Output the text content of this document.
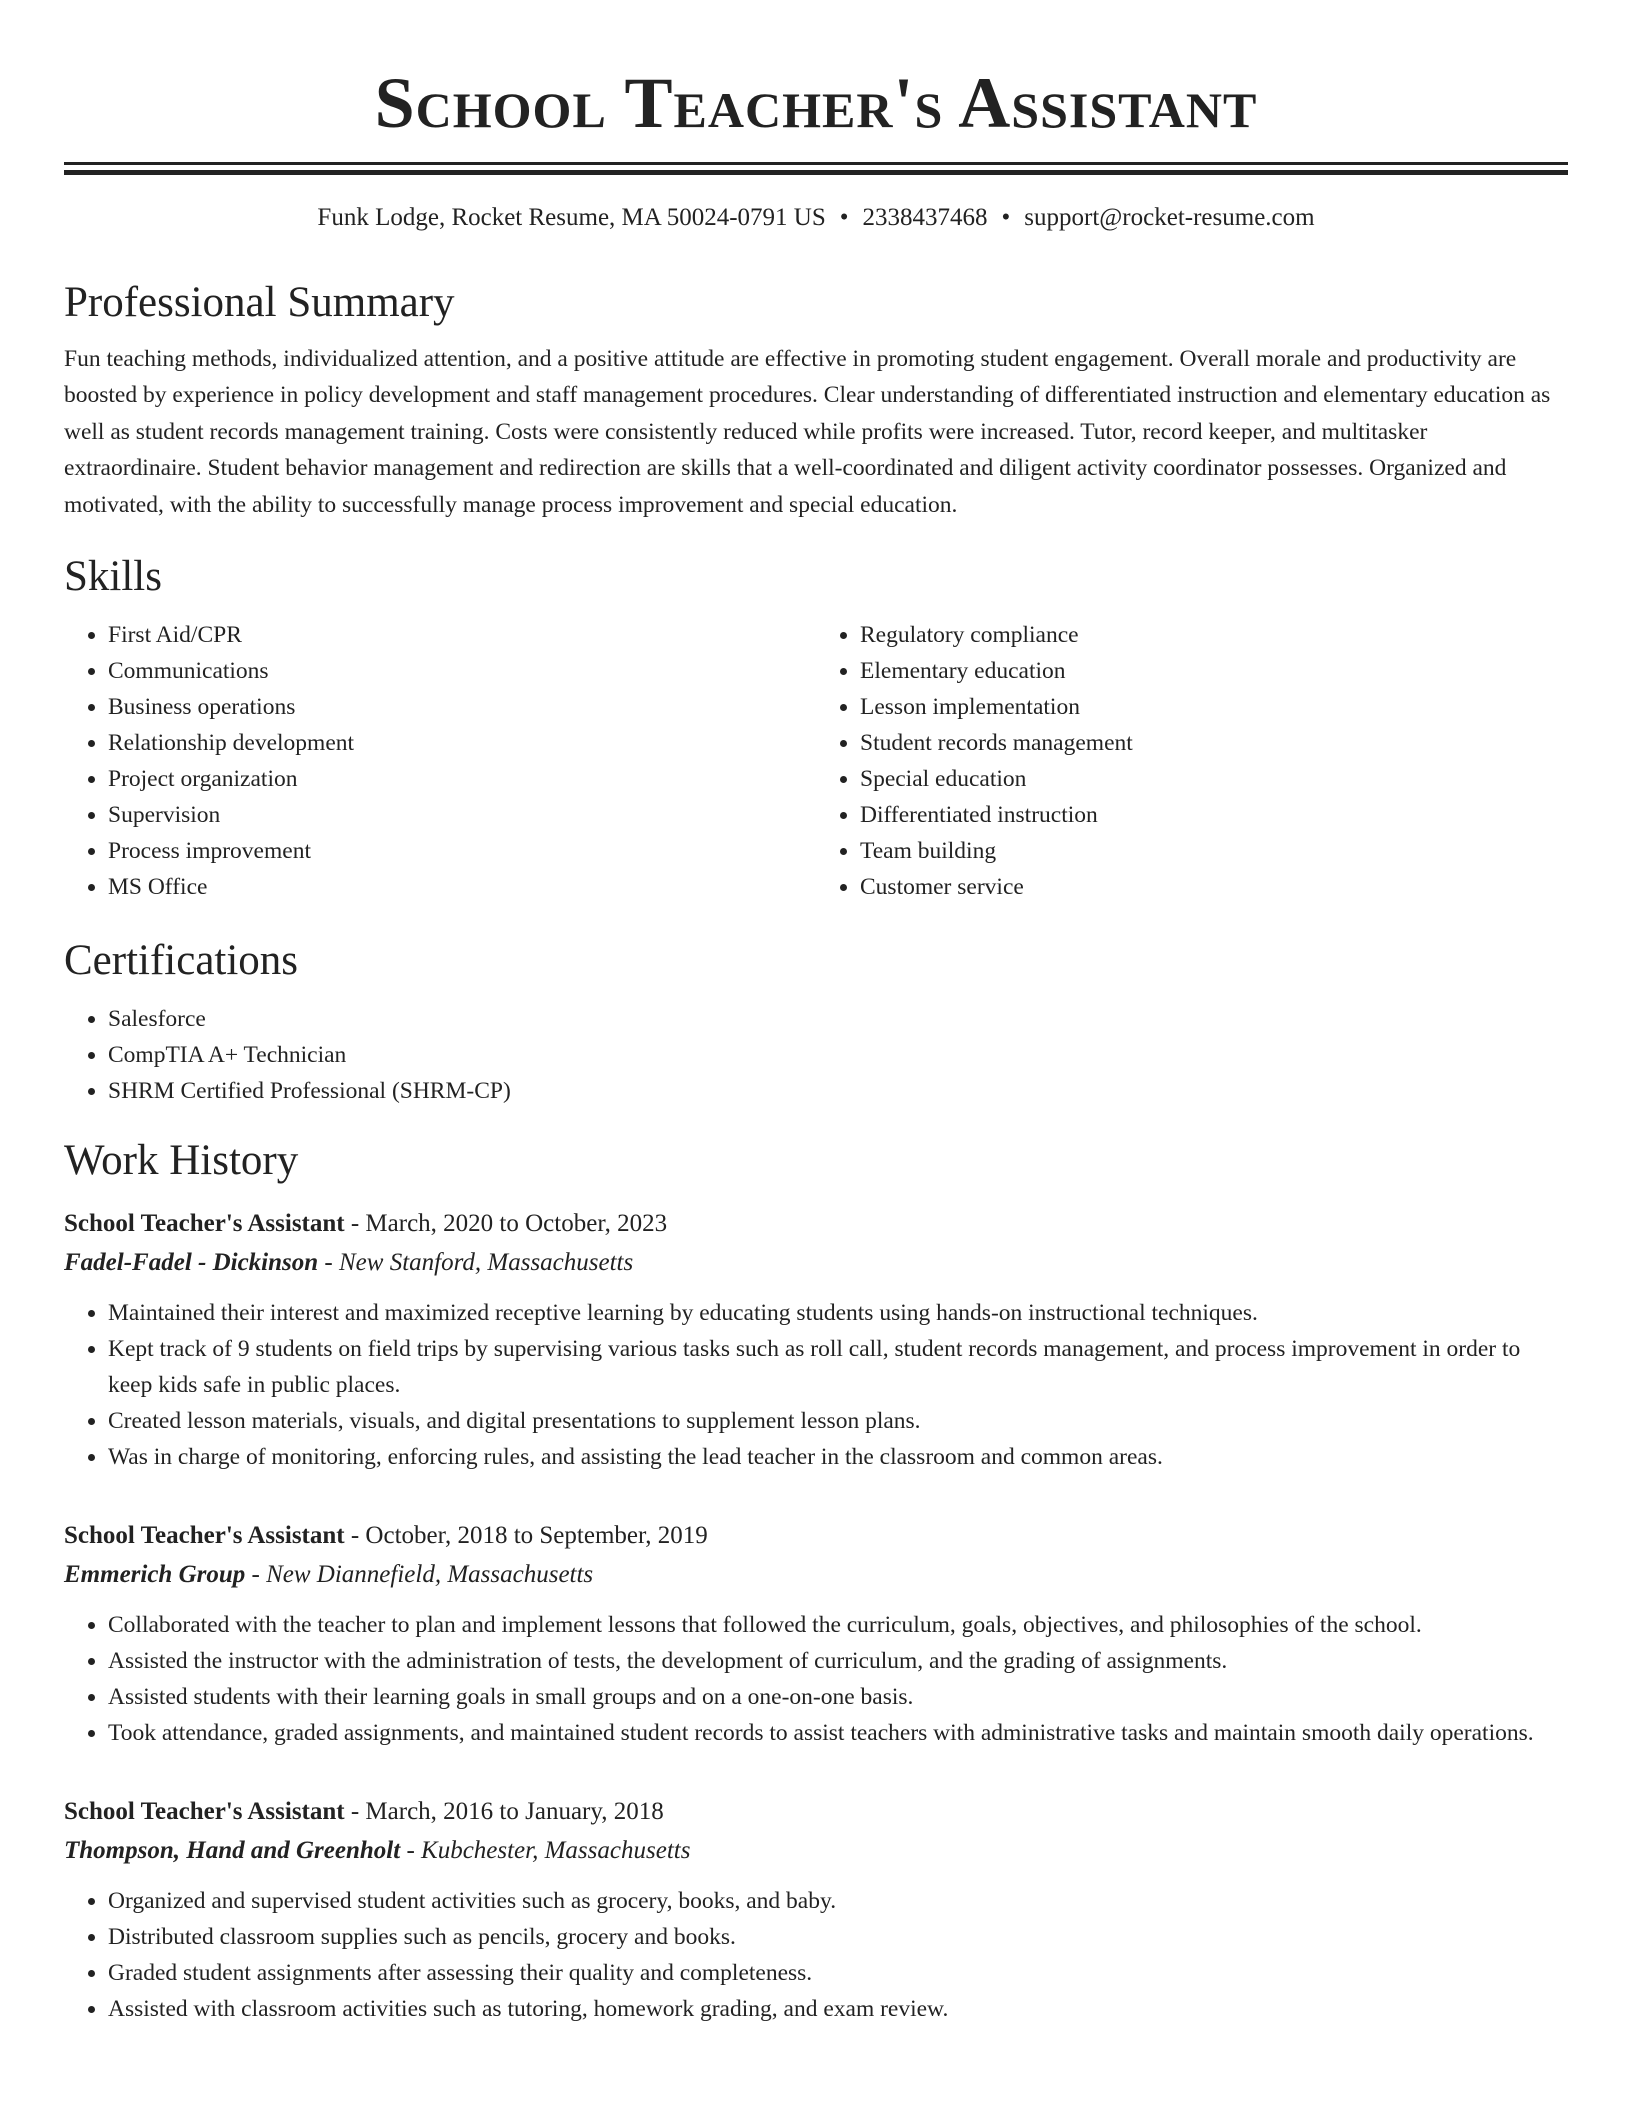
School Teacher's Assistant
Funk Lodge, Rocket Resume, MA 50024-0791 US • 2338437468 • support@rocket-resume.com
Professional Summary

Fun teaching methods, individualized attention, and a positive attitude are effective in promoting student engagement. Overall morale and productivity are boosted by experience in policy development and staff management procedures. Clear understanding of differentiated instruction and elementary education as well as student records management training. Costs were consistently reduced while profits were increased. Tutor, record keeper, and multitasker extraordinaire. Student behavior management and redirection are skills that a well-coordinated and diligent activity coordinator possesses. Organized and motivated, with the ability to successfully manage process improvement and special education.

Skills
• First Aid/CPR
• Communications
• Business operations
• Relationship development
• Project organization
• Supervision
• Process improvement
• MS Office
• Regulatory compliance
• Elementary education
• Lesson implementation
• Student records management
• Special education
• Differentiated instruction
• Team building
• Customer service
Certifications
• Salesforce
• CompTIA A+ Technician
• SHRM Certified Professional (SHRM-CP)
Work History
School Teacher's Assistant - March, 2020 to October, 2023
Fadel-Fadel - Dickinson - New Stanford, Massachusetts
• Maintained their interest and maximized receptive learning by educating students using hands-on instructional techniques.
• Kept track of 9 students on field trips by supervising various tasks such as roll call, student records management, and process improvement in order to keep kids safe in public places.
• Created lesson materials, visuals, and digital presentations to supplement lesson plans.
• Was in charge of monitoring, enforcing rules, and assisting the lead teacher in the classroom and common areas.
School Teacher's Assistant - October, 2018 to September, 2019
Emmerich Group - New Diannefield, Massachusetts
• Collaborated with the teacher to plan and implement lessons that followed the curriculum, goals, objectives, and philosophies of the school.
• Assisted the instructor with the administration of tests, the development of curriculum, and the grading of assignments.
• Assisted students with their learning goals in small groups and on a one-on-one basis.
• Took attendance, graded assignments, and maintained student records to assist teachers with administrative tasks and maintain smooth daily operations.
School Teacher's Assistant - March, 2016 to January, 2018
Thompson, Hand and Greenholt - Kubchester, Massachusetts
• Organized and supervised student activities such as grocery, books, and baby.
• Distributed classroom supplies such as pencils, grocery and books.
• Graded student assignments after assessing their quality and completeness.
• Assisted with classroom activities such as tutoring, homework grading, and exam review.
